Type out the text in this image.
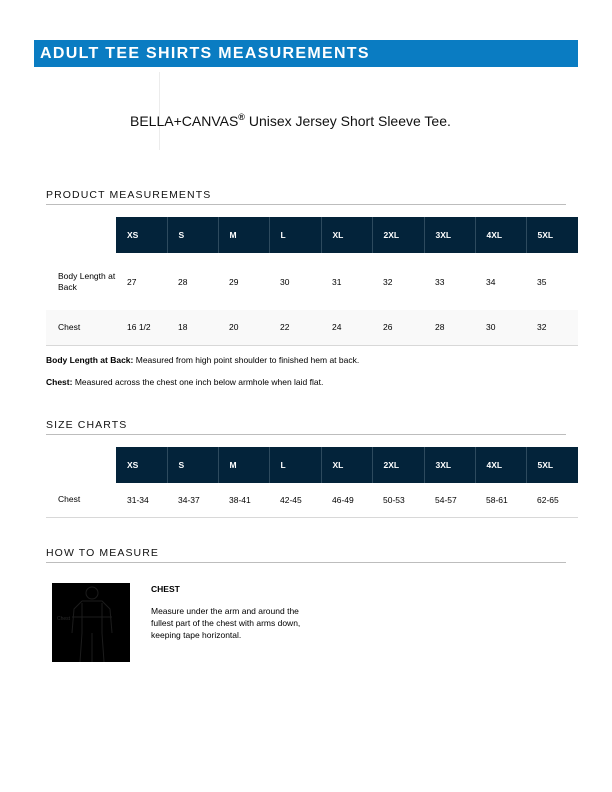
ADULT TEE SHIRTS MEASUREMENTS
BELLA+CANVAS® Unisex Jersey Short Sleeve Tee.
PRODUCT MEASUREMENTS
	XS	S	M	L	XL	2XL	3XL	4XL	5XL
Body Length at Back	27	28	29	30	31	32	33	34	35
Chest	16 1/2	18	20	22	24	26	28	30	32
Body Length at Back: Measured from high point shoulder to finished hem at back.
Chest: Measured across the chest one inch below armhole when laid flat.
SIZE CHARTS
	XS	S	M	L	XL	2XL	3XL	4XL	5XL
Chest	31-34	34-37	38-41	42-45	46-49	50-53	54-57	58-61	62-65
HOW TO MEASURE
Chest
CHEST
Measure under the arm and around the fullest part of the chest with arms down, keeping tape horizontal.
